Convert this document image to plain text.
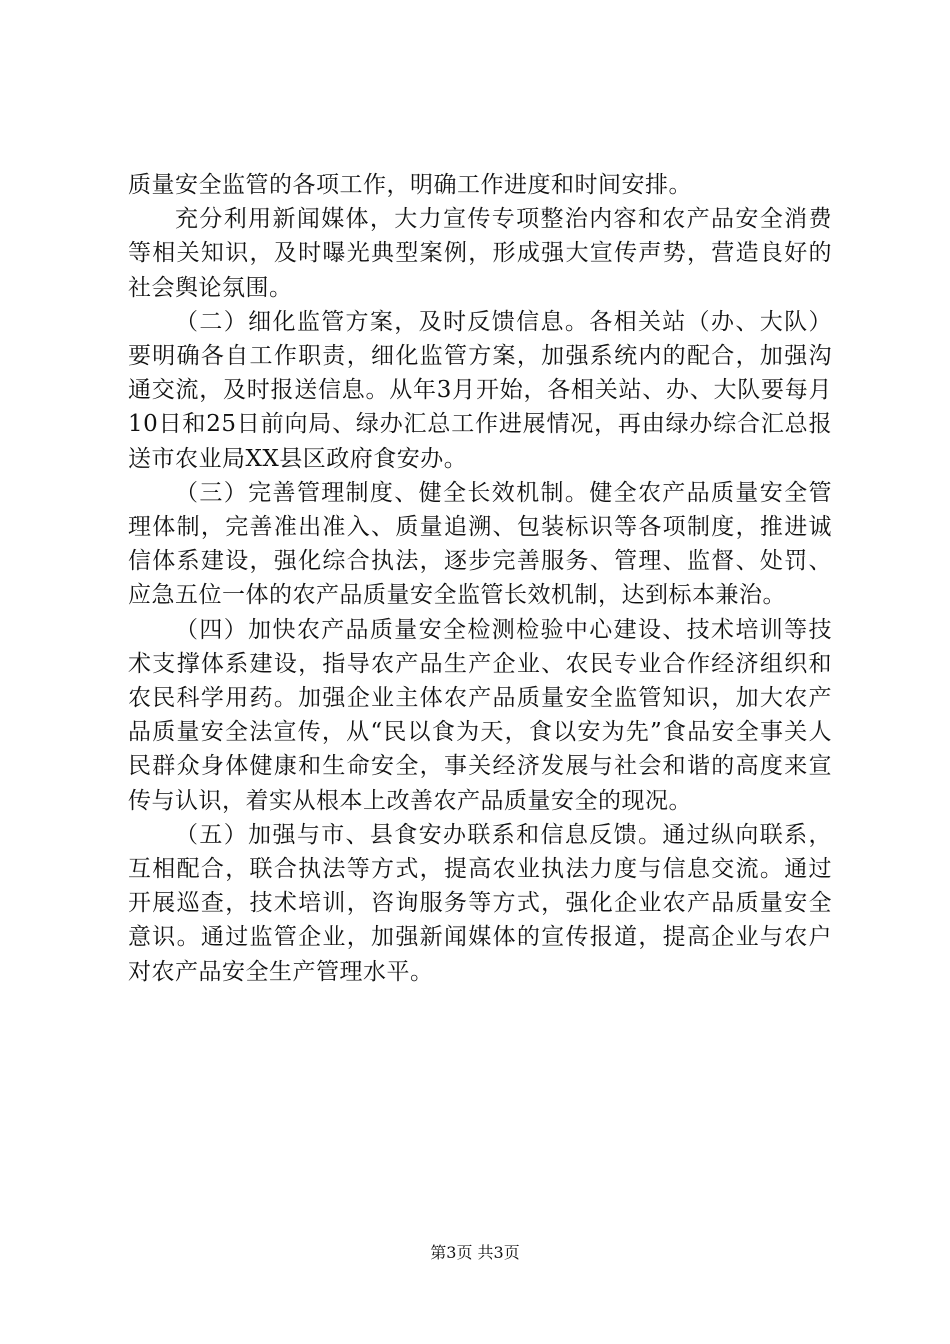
质量安全监管的各项工作，明确工作进度和时间安排。

充分利用新闻媒体，大力宣传专项整治内容和农产品安全消费等相关知识，及时曝光典型案例，形成强大宣传声势，营造良好的社会舆论氛围。

（二）细化监管方案，及时反馈信息。各相关站（办、大队）要明确各自工作职责，细化监管方案，加强系统内的配合，加强沟通交流，及时报送信息。从年3月开始，各相关站、办、大队要每月10日和25日前向局、绿办汇总工作进展情况，再由绿办综合汇总报送市农业局XX县区政府食安办。

（三）完善管理制度、健全长效机制。健全农产品质量安全管理体制，完善准出准入、质量追溯、包装标识等各项制度，推进诚信体系建设，强化综合执法，逐步完善服务、管理、监督、处罚、应急五位一体的农产品质量安全监管长效机制，达到标本兼治。

（四）加快农产品质量安全检测检验中心建设、技术培训等技术支撑体系建设，指导农产品生产企业、农民专业合作经济组织和农民科学用药。加强企业主体农产品质量安全监管知识，加大农产品质量安全法宣传，从“民以食为天，食以安为先”食品安全事关人民群众身体健康和生命安全，事关经济发展与社会和谐的高度来宣传与认识，着实从根本上改善农产品质量安全的现况。

（五）加强与市、县食安办联系和信息反馈。通过纵向联系，互相配合，联合执法等方式，提高农业执法力度与信息交流。通过开展巡查，技术培训，咨询服务等方式，强化企业农产品质量安全意识。通过监管企业，加强新闻媒体的宣传报道，提高企业与农户对农产品安全生产管理水平。

第3页 共3页
